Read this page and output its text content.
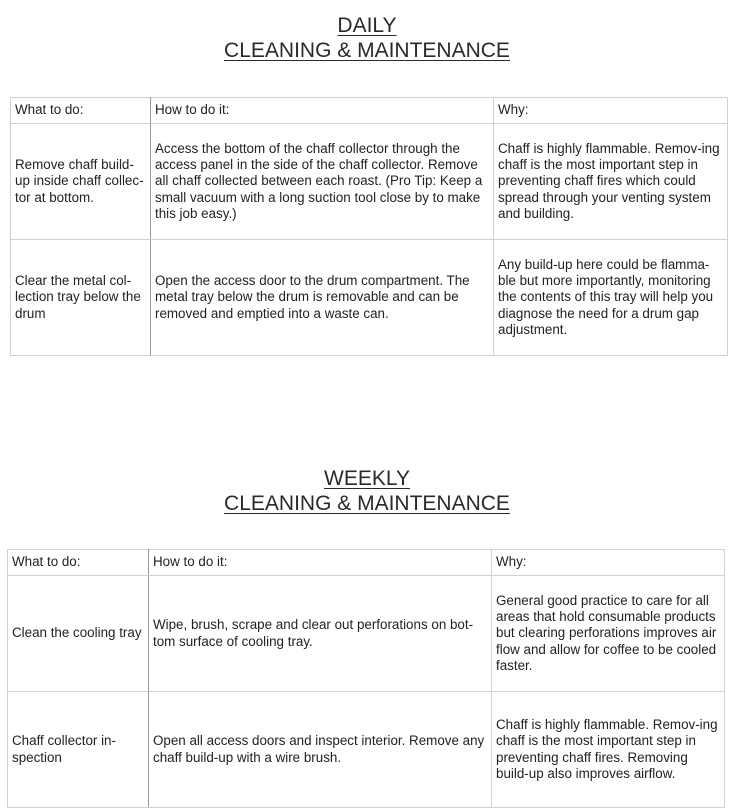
DAILY
CLEANING & MAINTENANCE
What to do:	How to do it:	Why:
Remove chaff build-up inside chaff collec-tor at bottom.	Access the bottom of the chaff collector through the access panel in the side of the chaff collector. Remove all chaff collected between each roast. (Pro Tip: Keep a small vacuum with a long suction tool close by to make this job easy.)	Chaff is highly flammable. Remov-ing chaff is the most important step in preventing chaff fires which could spread through your venting system and building.
Clear the metal col-lection tray below the drum	Open the access door to the drum compartment. The metal tray below the drum is removable and can be removed and emptied into a waste can.	Any build-up here could be flamma-ble but more importantly, monitoring the contents of this tray will help you diagnose the need for a drum gap adjustment.
WEEKLY
CLEANING & MAINTENANCE
What to do:	How to do it:	Why:
Clean the cooling tray	Wipe, brush, scrape and clear out perforations on bot-tom surface of cooling tray.	General good practice to care for all areas that hold consumable products but clearing perforations improves air flow and allow for coffee to be cooled faster.
Chaff collector in-spection	Open all access doors and inspect interior. Remove any chaff build-up with a wire brush.	Chaff is highly flammable. Remov-ing chaff is the most important step in preventing chaff fires. Removing build-up also improves airflow.
